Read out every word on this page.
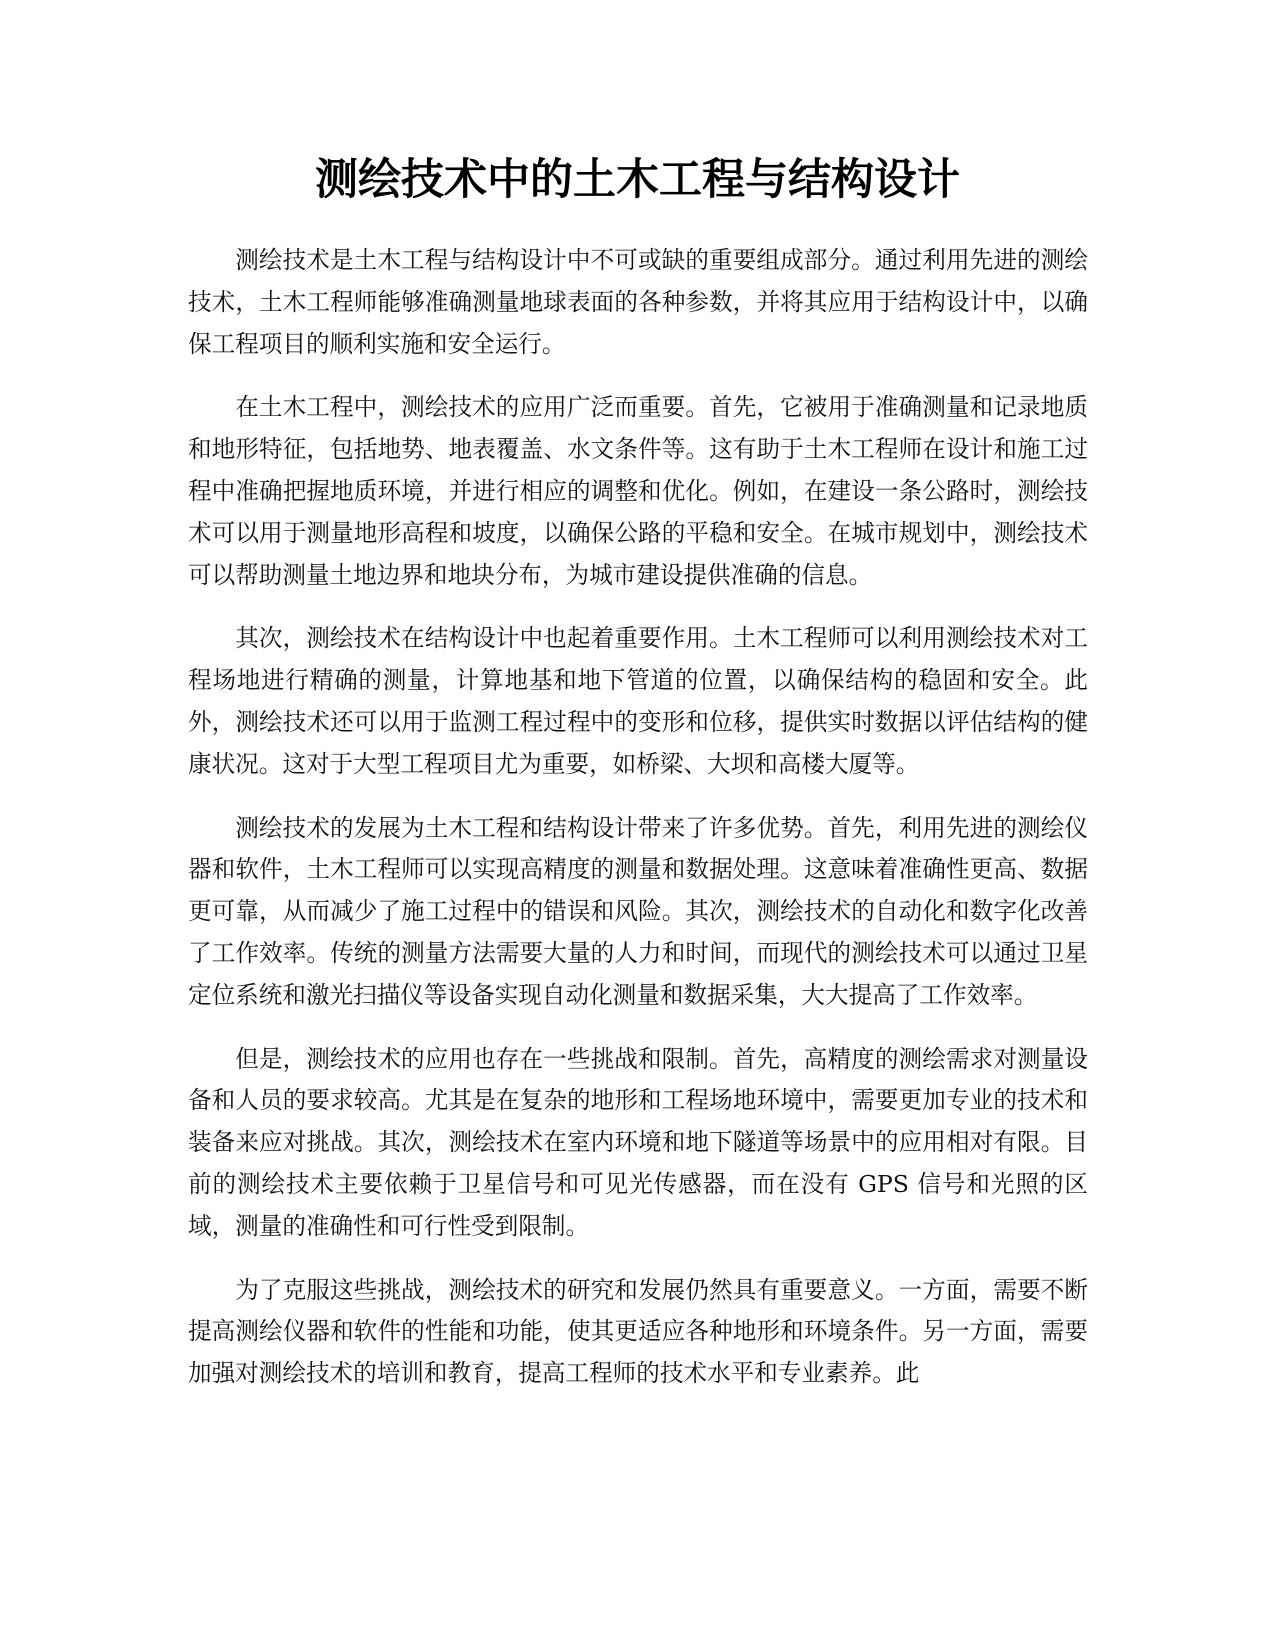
测绘技术中的土木工程与结构设计

测绘技术是土木工程与结构设计中不可或缺的重要组成部分。通过利用先进的测绘技术，土木工程师能够准确测量地球表面的各种参数，并将其应用于结构设计中，以确保工程项目的顺利实施和安全运行。

在土木工程中，测绘技术的应用广泛而重要。首先，它被用于准确测量和记录地质和地形特征，包括地势、地表覆盖、水文条件等。这有助于土木工程师在设计和施工过程中准确把握地质环境，并进行相应的调整和优化。例如，在建设一条公路时，测绘技术可以用于测量地形高程和坡度，以确保公路的平稳和安全。在城市规划中，测绘技术可以帮助测量土地边界和地块分布，为城市建设提供准确的信息。

其次，测绘技术在结构设计中也起着重要作用。土木工程师可以利用测绘技术对工程场地进行精确的测量，计算地基和地下管道的位置，以确保结构的稳固和安全。此外，测绘技术还可以用于监测工程过程中的变形和位移，提供实时数据以评估结构的健康状况。这对于大型工程项目尤为重要，如桥梁、大坝和高楼大厦等。

测绘技术的发展为土木工程和结构设计带来了许多优势。首先，利用先进的测绘仪器和软件，土木工程师可以实现高精度的测量和数据处理。这意味着准确性更高、数据更可靠，从而减少了施工过程中的错误和风险。其次，测绘技术的自动化和数字化改善了工作效率。传统的测量方法需要大量的人力和时间，而现代的测绘技术可以通过卫星定位系统和激光扫描仪等设备实现自动化测量和数据采集，大大提高了工作效率。

但是，测绘技术的应用也存在一些挑战和限制。首先，高精度的测绘需求对测量设备和人员的要求较高。尤其是在复杂的地形和工程场地环境中，需要更加专业的技术和装备来应对挑战。其次，测绘技术在室内环境和地下隧道等场景中的应用相对有限。目前的测绘技术主要依赖于卫星信号和可见光传感器，而在没有 GPS 信号和光照的区域，测量的准确性和可行性受到限制。

为了克服这些挑战，测绘技术的研究和发展仍然具有重要意义。一方面，需要不断提高测绘仪器和软件的性能和功能，使其更适应各种地形和环境条件。另一方面，需要加强对测绘技术的培训和教育，提高工程师的技术水平和专业素养。此
